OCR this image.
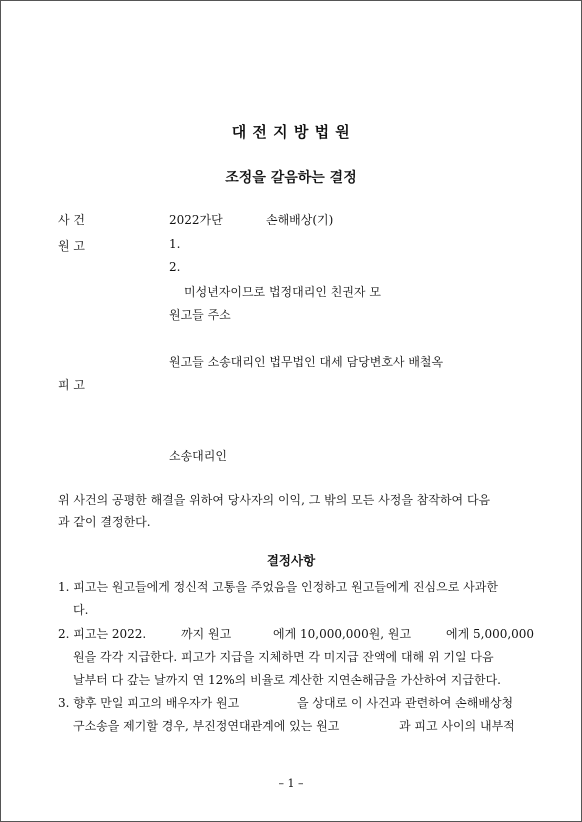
대 전 지 방 법 원
조정을 갈음하는 결정
사 건	2022가단	손해배상(기)
원 고	1.
2.
미성년자이므로 법정대리인 친권자 모
원고들 주소
원고들 소송대리인 법무법인 대세 담당변호사 배철옥
피 고
소송대리인
위 사건의 공평한 해결을 위하여 당사자의 이익, 그 밖의 모든 사정을 참작하여 다음
과 같이 결정한다.
결정사항
1. 피고는 원고들에게 정신적 고통을 주었음을 인정하고 원고들에게 진심으로 사과한
다.
2. 피고는 2022.	까지 원고	에게 10,000,000원, 원고	에게 5,000,000
원을 각각 지급한다. 피고가 지급을 지체하면 각 미지급 잔액에 대해 위 기일 다음
날부터 다 갚는 날까지 연 12%의 비율로 계산한 지연손해금을 가산하여 지급한다.
3. 향후 만일 피고의 배우자가 원고	을 상대로 이 사건과 관련하여 손해배상청
구소송을 제기할 경우, 부진정연대관계에 있는 원고	과 피고 사이의 내부적
– 1 –
